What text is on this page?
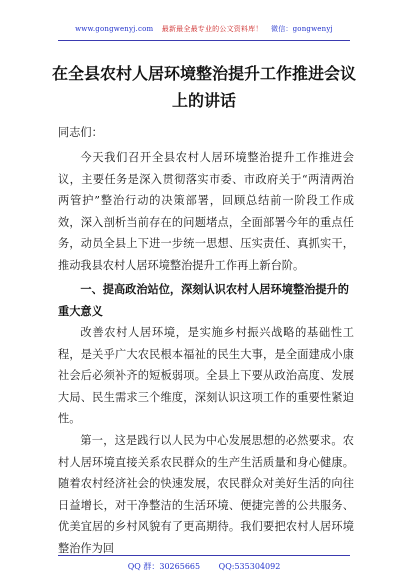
www.gongwenyj.com 最新最全最专业的公文资料库！ 微信：gongwenyj
在全县农村人居环境整治提升工作推进会议上的讲话
同志们：

今天我们召开全县农村人居环境整治提升工作推进会议，主要任务是深入贯彻落实市委、市政府关于“两清两治两管护”整治行动的决策部署，回顾总结前一阶段工作成效，深入剖析当前存在的问题堵点，全面部署今年的重点任务，动员全县上下进一步统一思想、压实责任、真抓实干，推动我县农村人居环境整治提升工作再上新台阶。

一、提高政治站位，深刻认识农村人居环境整治提升的重大意义

改善农村人居环境，是实施乡村振兴战略的基础性工程，是关乎广大农民根本福祉的民生大事，是全面建成小康社会后必须补齐的短板弱项。全县上下要从政治高度、发展大局、民生需求三个维度，深刻认识这项工作的重要性紧迫性。

第一，这是践行以人民为中心发展思想的必然要求。农村人居环境直接关系农民群众的生产生活质量和身心健康。随着农村经济社会的快速发展，农民群众对美好生活的向往日益增长，对干净整洁的生活环境、便捷完善的公共服务、优美宜居的乡村风貌有了更高期待。我们要把农村人居环境整治作为回

QQ 群：30265665 QQ:535304092
